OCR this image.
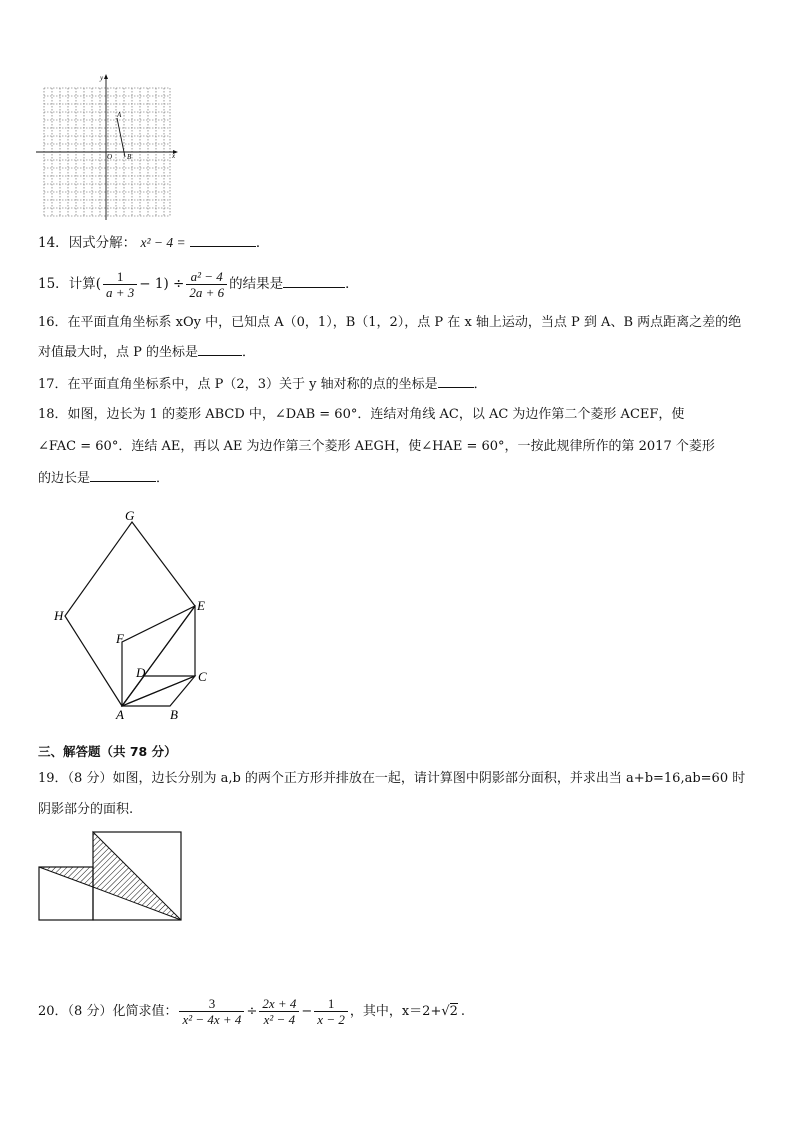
y
x
O
A
B
14．因式分解： x² − 4 =	．
15．计算( $\frac{1}{a + 3} - 1) \div \frac{\text{a² − 4}}{2a + 6}$ 的结果是	．
16．在平面直角坐标系 xOy 中，已知点 A（0，1），B（1，2），点 P 在 x 轴上运动，当点 P 到 A、B 两点距离之差的绝
对值最大时，点 P 的坐标是	．
17．在平面直角坐标系中，点 P（2，3）关于 y 轴对称的点的坐标是	．
18．如图，边长为 1 的菱形 ABCD 中，∠DAB = 60°．连结对角线 AC，以 AC 为边作第二个菱形 ACEF，使
∠FAC = 60°．连结 AE，再以 AE 为边作第三个菱形 AEGH，使∠HAE = 60°，一按此规律所作的第 2017 个菱形
的边长是	．
G
H
E
F
D	C
A	B
三、解答题（共 78 分）
19．（8 分）如图，边长分别为 a,b 的两个正方形并排放在一起，请计算图中阴影部分面积，并求出当 a+b=16,ab=60 时
阴影部分的面积.
20．（8 分）化简求值： $\frac{3}{\text{x² − 4x + 4}} \div \frac{2x + 4}{\text{x² − 4}} - \frac{1}{x - 2}$ ，其中，x＝2+√2 .
